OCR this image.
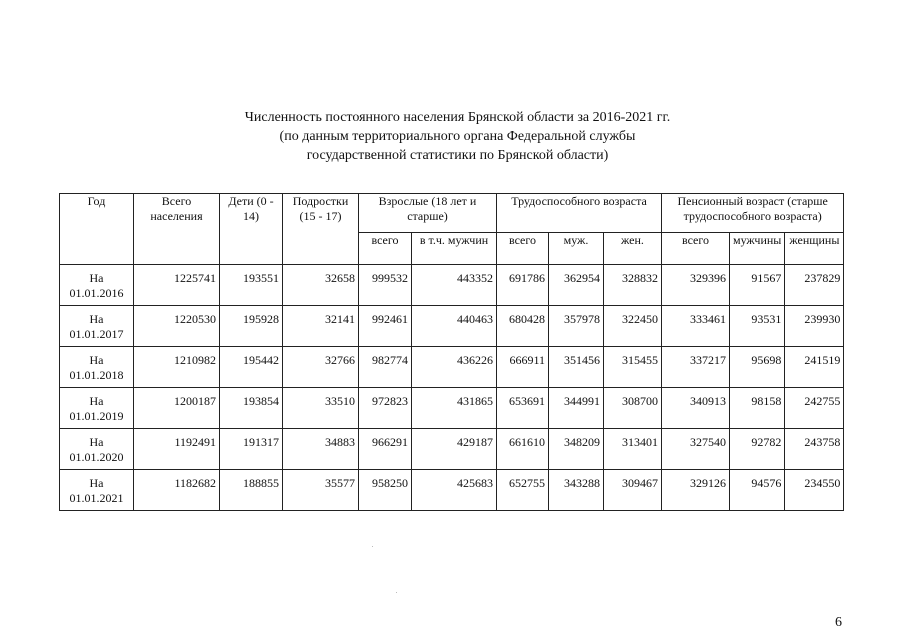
Численность постоянного населения Брянской области за 2016-2021 гг.
(по данным территориального органа Федеральной службы
государственной статистики по Брянской области)
Год	Всего населения	Дети (0 - 14)	Подростки (15 - 17)	Взрослые (18 лет и старше)		Трудоспособного возраста			Пенсионный возраст (старше трудоспособного возраста)		
				всего	в т.ч. мужчин	всего	муж.	жен.	всего	мужчины	женщины
На 01.01.2016	1225741	193551	32658	999532	443352	691786	362954	328832	329396	91567	237829
На 01.01.2017	1220530	195928	32141	992461	440463	680428	357978	322450	333461	93531	239930
На 01.01.2018	1210982	195442	32766	982774	436226	666911	351456	315455	337217	95698	241519
На 01.01.2019	1200187	193854	33510	972823	431865	653691	344991	308700	340913	98158	242755
На 01.01.2020	1192491	191317	34883	966291	429187	661610	348209	313401	327540	92782	243758
На 01.01.2021	1182682	188855	35577	958250	425683	652755	343288	309467	329126	94576	234550
6
